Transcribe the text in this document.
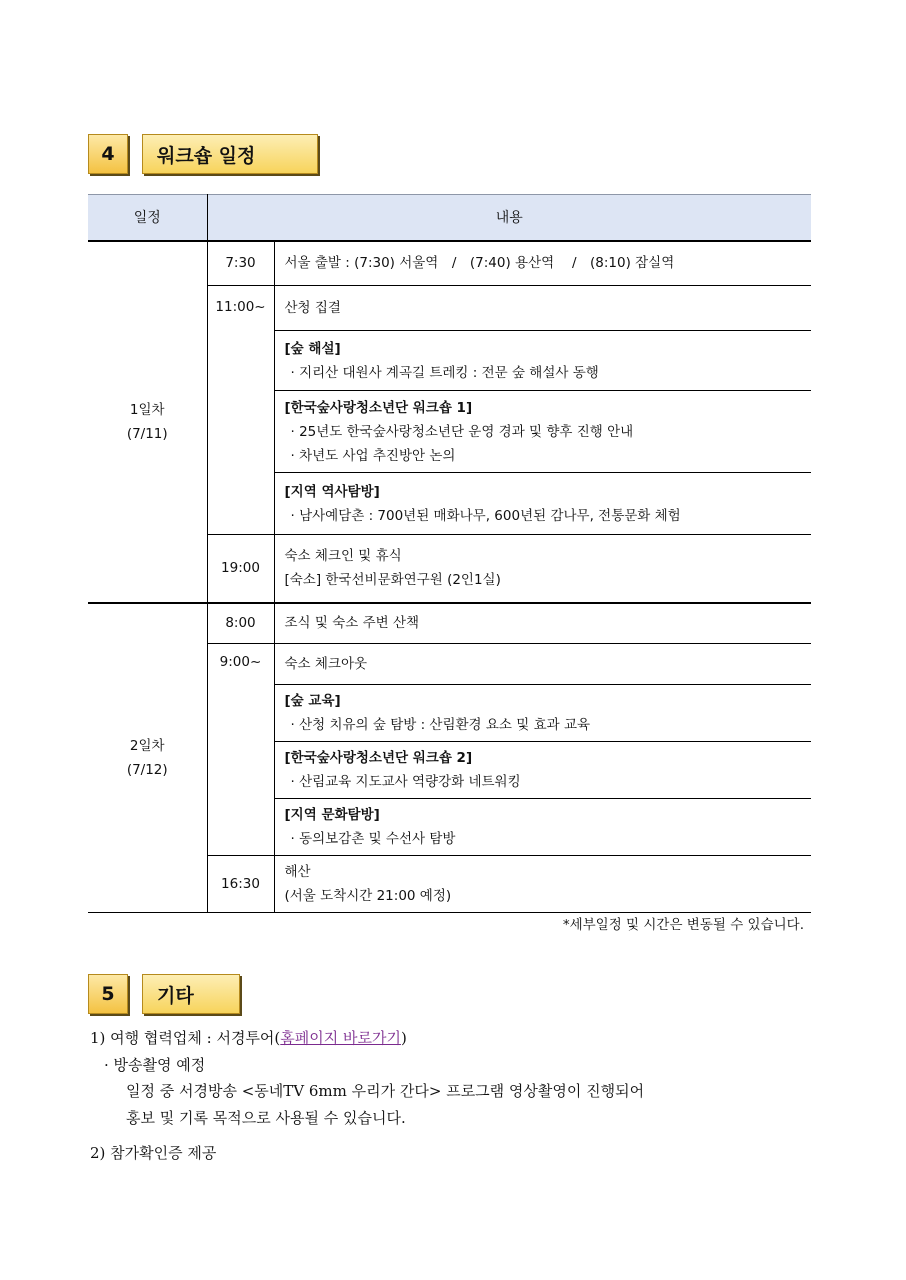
4	워크숍 일정
일정	내용	

1일차
(7/11)	7:30	서울 출발 : (7:30) 서울역　/　(7:40) 용산역　 /　(8:10) 잠실역
	11:00~	산청 집결

		[숲 해설]
· 지리산 대원사 계곡길 트레킹 : 전문 숲 해설사 동행

		[한국숲사랑청소년단 워크숍 1]
· 25년도 한국숲사랑청소년단 운영 경과 및 향후 진행 안내
· 차년도 사업 추진방안 논의

		[지역 역사탐방]
· 남사예담촌 : 700년된 매화나무, 600년된 감나무, 전통문화 체험

	19:00	숙소 체크인 및 휴식
[숙소] 한국선비문화연구원 (2인1실)

2일차
(7/12)	8:00	조식 및 숙소 주변 산책
	9:00~	숙소 체크아웃

		[숲 교육]
· 산청 치유의 숲 탐방 : 산림환경 요소 및 효과 교육

		[한국숲사랑청소년단 워크숍 2]
· 산림교육 지도교사 역량강화 네트워킹

		[지역 문화탐방]
· 동의보감촌 및 수선사 탐방

	16:30	해산
(서울 도착시간 21:00 예정)
*세부일정 및 시간은 변동될 수 있습니다.
5	기타
1) 여행 협력업체 : 서경투어(홈페이지 바로가기)
· 방송촬영 예정
일정 중 서경방송 <동네TV 6mm 우리가 간다> 프로그램 영상촬영이 진행되어
홍보 및 기록 목적으로 사용될 수 있습니다.
2) 참가확인증 제공
